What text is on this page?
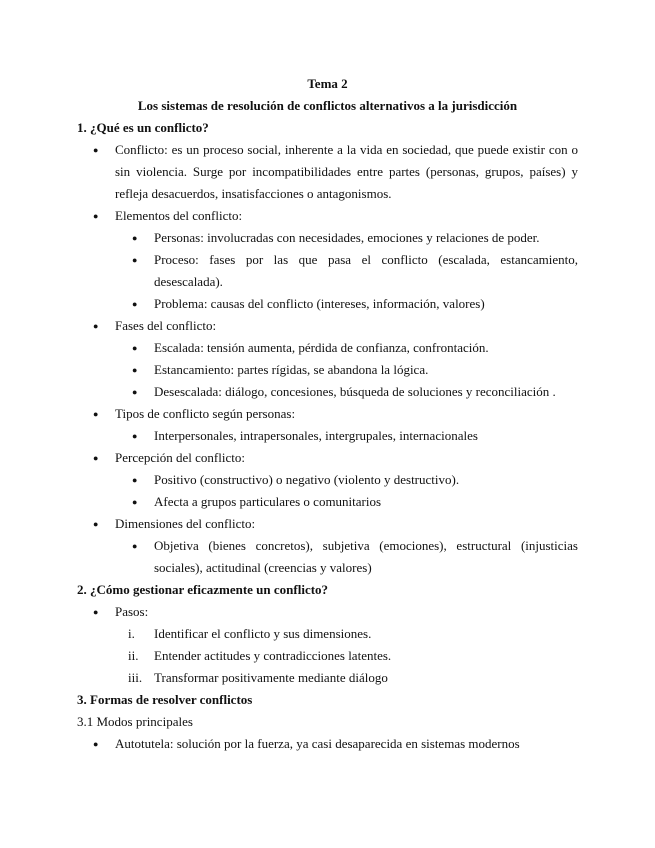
Tema 2

Los sistemas de resolución de conflictos alternativos a la jurisdicción

1. ¿Qué es un conflicto?

● Conflicto: es un proceso social, inherente a la vida en sociedad, que puede existir con o sin violencia. Surge por incompatibilidades entre partes (personas, grupos, países) y refleja desacuerdos, insatisfacciones o antagonismos.

● Elementos del conflicto:

● Personas: involucradas con necesidades, emociones y relaciones de poder.

● Proceso: fases por las que pasa el conflicto (escalada, estancamiento, desescalada).

● Problema: causas del conflicto (intereses, información, valores)

● Fases del conflicto:

● Escalada: tensión aumenta, pérdida de confianza, confrontación.

● Estancamiento: partes rígidas, se abandona la lógica.

● Desescalada: diálogo, concesiones, búsqueda de soluciones y reconciliación .

● Tipos de conflicto según personas:

● Interpersonales, intrapersonales, intergrupales, internacionales

● Percepción del conflicto:

● Positivo (constructivo) o negativo (violento y destructivo).

● Afecta a grupos particulares o comunitarios

● Dimensiones del conflicto:

● Objetiva (bienes concretos), subjetiva (emociones), estructural (injusticias sociales), actitudinal (creencias y valores)

2. ¿Cómo gestionar eficazmente un conflicto?

● Pasos:

i.	Identificar el conflicto y sus dimensiones.

ii.	Entender actitudes y contradicciones latentes.

iii. Transformar positivamente mediante diálogo

3. Formas de resolver conflictos

3.1 Modos principales

● Autotutela: solución por la fuerza, ya casi desaparecida en sistemas modernos
